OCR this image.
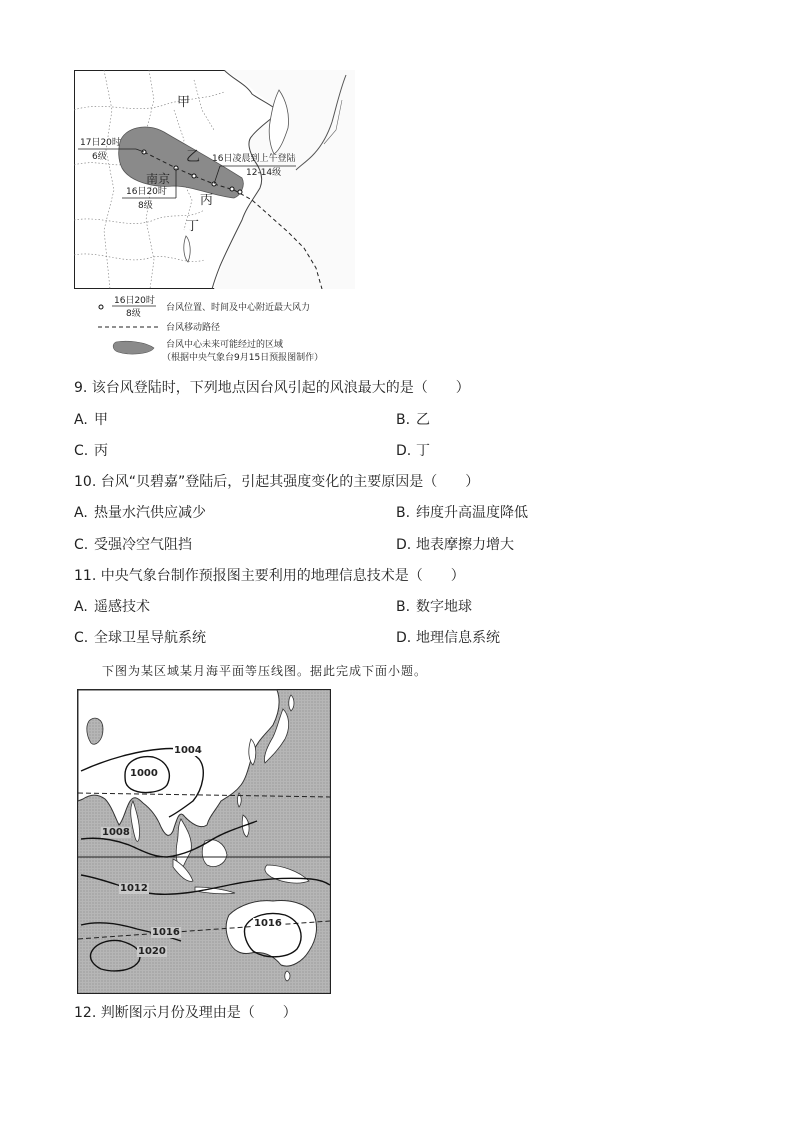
甲
乙
南京
丙
丁
17日20时
6级
16日20时
8级
16日凌晨到上午登陆
12-14级
16日20时
8级
台风位置、时间及中心附近最大风力
台风移动路径
台风中心未来可能经过的区域
（根据中央气象台9月15日预报图制作）
9. 该台风登陆时，下列地点因台风引起的风浪最大的是（　　）
A. 甲	B. 乙
C. 丙	D. 丁
10. 台风“贝碧嘉”登陆后，引起其强度变化的主要原因是（　　）
A. 热量水汽供应减少	B. 纬度升高温度降低
C. 受强冷空气阻挡	D. 地表摩擦力增大
11. 中央气象台制作预报图主要利用的地理信息技术是（　　）
A. 遥感技术	B. 数字地球
C. 全球卫星导航系统	D. 地理信息系统
下图为某区域某月海平面等压线图。据此完成下面小题。
1004
1000
1008
1012
1016
1016
1020
12. 判断图示月份及理由是（　　）
